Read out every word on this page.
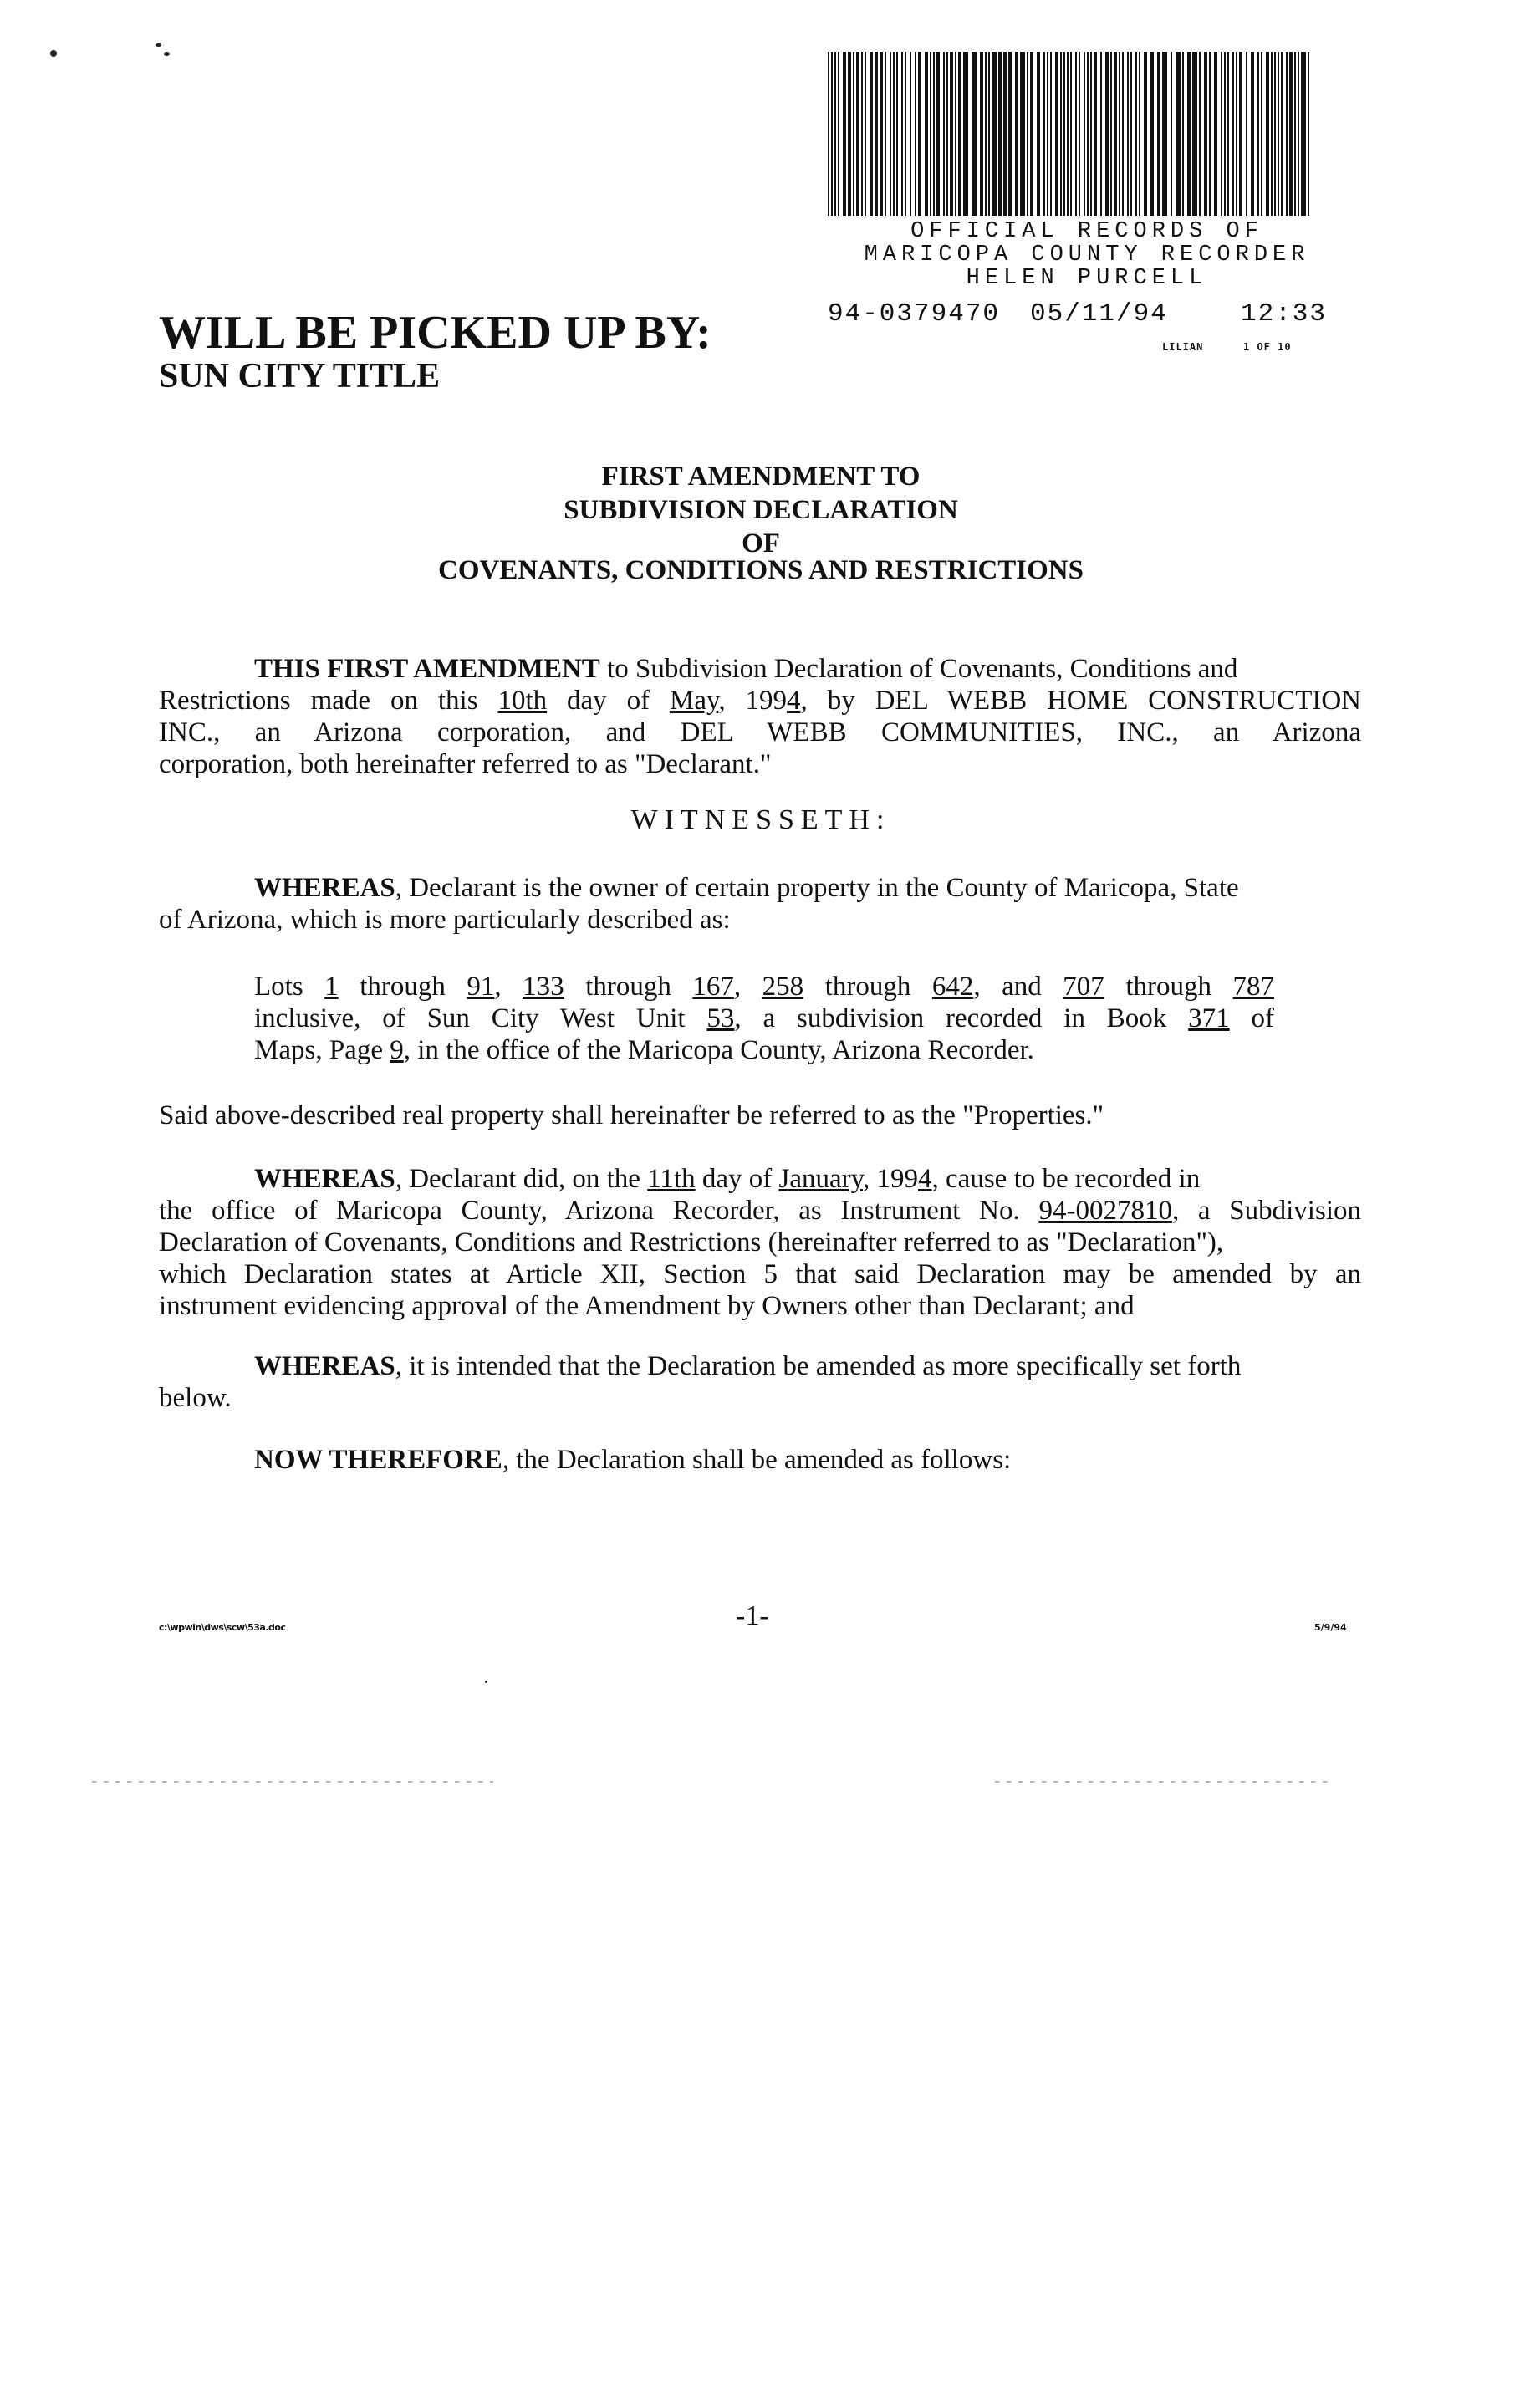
OFFICIAL RECORDS OF
MARICOPA COUNTY RECORDER
HELEN PURCELL
94-0379470 05/11/94	12:33
LILIAN	1 OF 10
WILL BE PICKED UP BY:
SUN CITY TITLE
FIRST AMENDMENT TO
SUBDIVISION DECLARATION
OF
COVENANTS, CONDITIONS AND RESTRICTIONS
THIS FIRST AMENDMENT to Subdivision Declaration of Covenants, Conditions and
Restrictions made on this 10th day of May, 1994, by DEL WEBB HOME CONSTRUCTION
INC., an Arizona corporation, and DEL WEBB COMMUNITIES, INC., an Arizona
corporation, both hereinafter referred to as "Declarant."
WITNESSETH:
WHEREAS, Declarant is the owner of certain property in the County of Maricopa, State
of Arizona, which is more particularly described as:
Lots 1 through 91, 133 through 167, 258 through 642, and 707 through 787
inclusive, of Sun City West Unit 53, a subdivision recorded in Book 371 of
Maps, Page 9, in the office of the Maricopa County, Arizona Recorder.
Said above-described real property shall hereinafter be referred to as the "Properties."
WHEREAS, Declarant did, on the 11th day of January, 1994, cause to be recorded in
the office of Maricopa County, Arizona Recorder, as Instrument No. 94-0027810, a Subdivision
Declaration of Covenants, Conditions and Restrictions (hereinafter referred to as "Declaration"),
which Declaration states at Article XII, Section 5 that said Declaration may be amended by an
instrument evidencing approval of the Amendment by Owners other than Declarant; and
WHEREAS, it is intended that the Declaration be amended as more specifically set forth
below.
NOW THEREFORE, the Declaration shall be amended as follows:
c:\wpwin\dws\scw\53a.doc	-1-	5/9/94
